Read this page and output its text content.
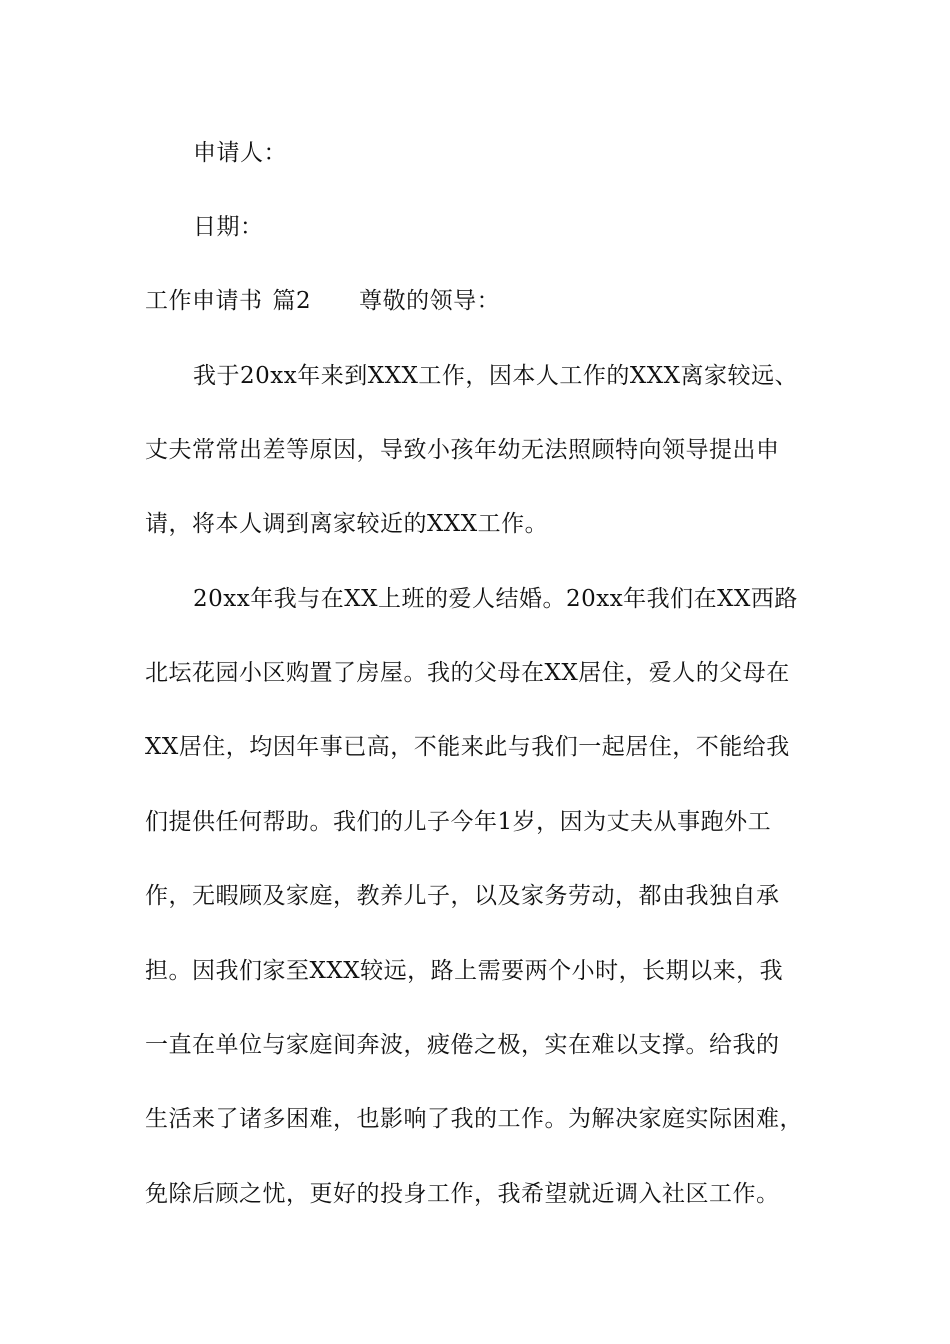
申请人：
日期：
工作申请书 篇2 尊敬的领导：
我于20xx年来到XXX工作，因本人工作的XXX离家较远、
丈夫常常出差等原因，导致小孩年幼无法照顾特向领导提出申
请，将本人调到离家较近的XXX工作。
20xx年我与在XX上班的爱人结婚。20xx年我们在XX西路
北坛花园小区购置了房屋。我的父母在XX居住，爱人的父母在
XX居住，均因年事已高，不能来此与我们一起居住，不能给我
们提供任何帮助。我们的儿子今年1岁，因为丈夫从事跑外工
作，无暇顾及家庭，教养儿子，以及家务劳动，都由我独自承
担。因我们家至XXX较远，路上需要两个小时，长期以来，我
一直在单位与家庭间奔波，疲倦之极，实在难以支撑。给我的
生活来了诸多困难，也影响了我的工作。为解决家庭实际困难，
免除后顾之忧，更好的投身工作，我希望就近调入社区工作。
